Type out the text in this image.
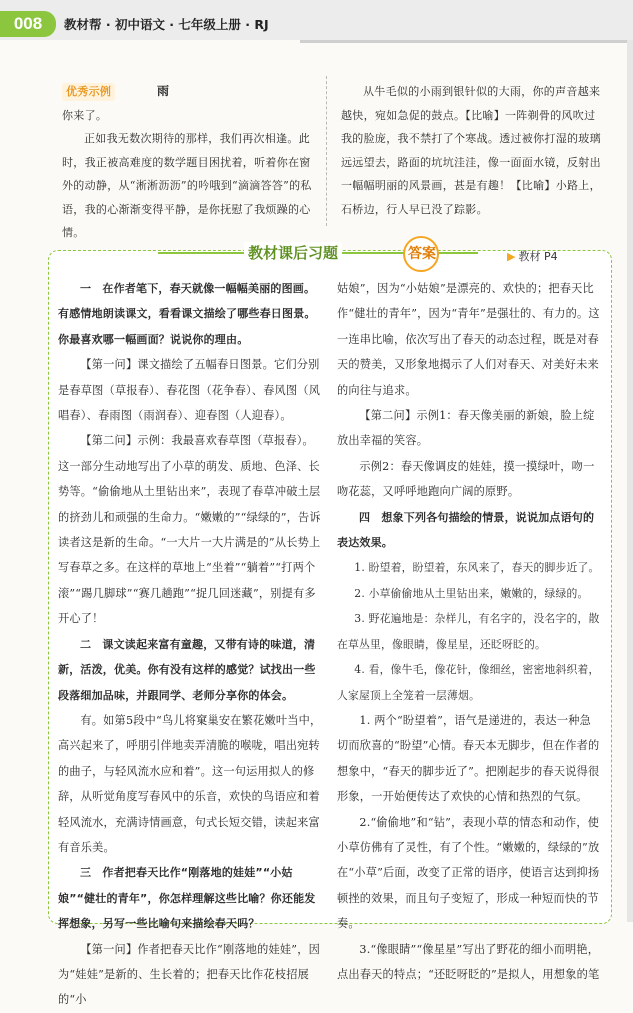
008	教材帮 · 初中语文 · 七年级上册 · RJ
优秀示例	雨
你来了。
正如我无数次期待的那样，我们再次相逢。此时，我正被高难度的数学题目困扰着，听着你在窗外的动静，从“淅淅沥沥”的吟哦到“滴滴答答”的私语，我的心渐渐变得平静，是你抚慰了我烦躁的心情。
从牛毛似的小雨到银针似的大雨，你的声音越来越快，宛如急促的鼓点。【比喻】一阵剃骨的风吹过我的脸庞，我不禁打了个寒战。透过被你打湿的玻璃远远望去，路面的坑坑洼洼，像一面面水镜，反射出一幅幅明丽的风景画，甚是有趣！【比喻】小路上，石桥边，行人早已没了踪影。
教材课后习题	答案	▶ 教材 P4

一　在作者笔下，春天就像一幅幅美丽的图画。有感情地朗读课文，看看课文描绘了哪些春日图景。你最喜欢哪一幅画面？说说你的理由。

【第一问】课文描绘了五幅春日图景。它们分别是春草图（草报春）、春花图（花争春）、春风图（风唱春）、春雨图（雨润春）、迎春图（人迎春）。

【第二问】示例：我最喜欢春草图（草报春）。这一部分生动地写出了小草的萌发、质地、色泽、长势等。“偷偷地从土里钻出来”，表现了春草冲破土层的挤劲儿和顽强的生命力。“嫩嫩的”“绿绿的”，告诉读者这是新的生命。“一大片一大片满是的”从长势上写春草之多。在这样的草地上“坐着”“躺着”“打两个滚”“踢几脚球”“赛几趟跑”“捉几回迷藏”，别提有多开心了！

二　课文读起来富有童趣，又带有诗的味道，清新，活泼，优美。你有没有这样的感觉？试找出一些段落细加品味，并跟同学、老师分享你的体会。

有。如第5段中“鸟儿将窠巢安在繁花嫩叶当中，高兴起来了，呼朋引伴地卖弄清脆的喉咙，唱出宛转的曲子，与轻风流水应和着”。这一句运用拟人的修辞，从听觉角度写春风中的乐音，欢快的鸟语应和着轻风流水，充满诗情画意，句式长短交错，读起来富有音乐美。

三　作者把春天比作“刚落地的娃娃”“小姑娘”“健壮的青年”，你怎样理解这些比喻？你还能发挥想象，另写一些比喻句来描绘春天吗？

【第一问】作者把春天比作“刚落地的娃娃”，因为“娃娃”是新的、生长着的；把春天比作花枝招展的“小

姑娘”，因为“小姑娘”是漂亮的、欢快的；把春天比作“健壮的青年”，因为“青年”是强壮的、有力的。这一连串比喻，依次写出了春天的动态过程，既是对春天的赞美，又形象地揭示了人们对春天、对美好未来的向往与追求。

【第二问】示例1：春天像美丽的新娘，脸上绽放出幸福的笑容。

示例2：春天像调皮的娃娃，摸一摸绿叶，吻一吻花蕊，又呼呼地跑向广阔的原野。

四　想象下列各句描绘的情景，说说加点语句的表达效果。

1. 盼望着，盼望着，东风来了，春天的脚步近了。

2. 小草偷偷地从土里钻出来，嫩嫩的，绿绿的。

3. 野花遍地是：杂样儿，有名字的，没名字的，散在草丛里，像眼睛，像星星，还眨呀眨的。

4. 看，像牛毛，像花针，像细丝，密密地斜织着，人家屋顶上全笼着一层薄烟。

1. 两个“盼望着”，语气是递进的，表达一种急切而欣喜的“盼望”心情。春天本无脚步，但在作者的想象中，“春天的脚步近了”。把刚起步的春天说得很形象，一开始便传达了欢快的心情和热烈的气氛。

2.“偷偷地”和“钻”，表现小草的情态和动作，使小草仿佛有了灵性，有了个性。“嫩嫩的，绿绿的”放在“小草”后面，改变了正常的语序，使语言达到抑扬顿挫的效果，而且句子变短了，形成一种短而快的节奏。

3.“像眼睛”“像星星”写出了野花的细小而明艳，点出春天的特点；“还眨呀眨的”是拟人，用想象的笔
